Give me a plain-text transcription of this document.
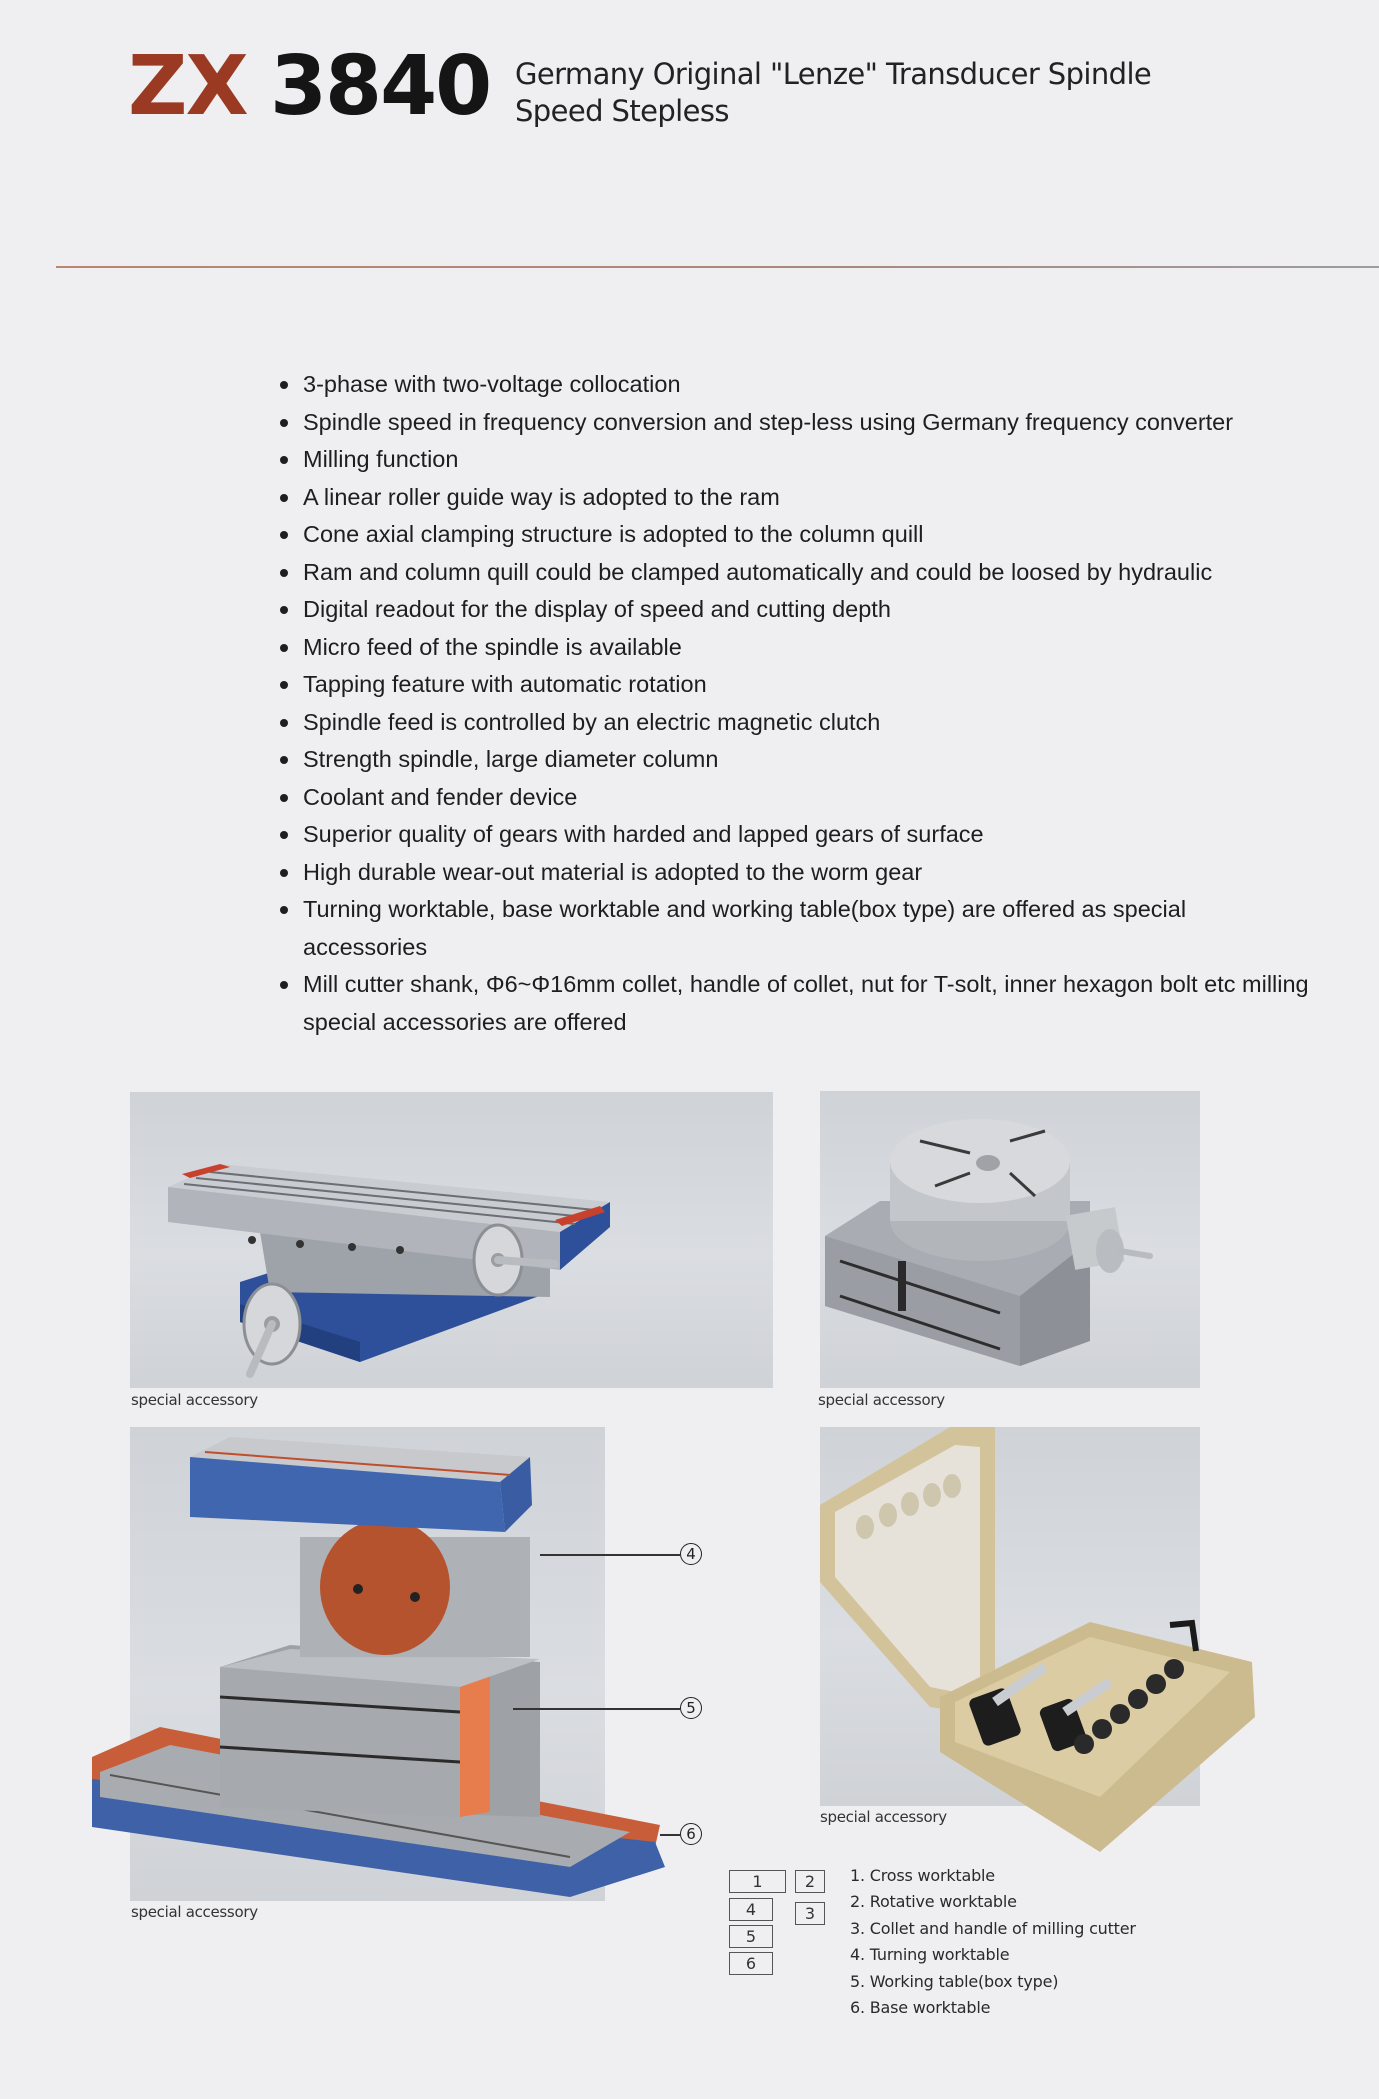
ZX 3840 Germany Original "Lenze" Transducer Spindle
Speed Stepless
3-phase with two-voltage collocation
Spindle speed in frequency conversion and step-less using Germany frequency converter
Milling function
A linear roller guide way is adopted to the ram
Cone axial clamping structure is adopted to the column quill
Ram and column quill could be clamped automatically and could be loosed by hydraulic
Digital readout for the display of speed and cutting depth
Micro feed of the spindle is available
Tapping feature with automatic rotation
Spindle feed is controlled by an electric magnetic clutch
Strength spindle, large diameter column
Coolant and fender device
Superior quality of gears with harded and lapped gears of surface
High durable wear-out material is adopted to the worm gear
Turning worktable, base worktable and working table(box type) are offered as special accessories
Mill cutter shank, Φ6~Φ16mm collet, handle of collet, nut for T-solt, inner hexagon bolt etc milling special accessories are offered
special accessory	special accessory
4
5
6
special accessory
special accessory
1	2
4	3
5
6
1. Cross worktable
2. Rotative worktable
3. Collet and handle of milling cutter
4. Turning worktable
5. Working table(box type)
6. Base worktable
